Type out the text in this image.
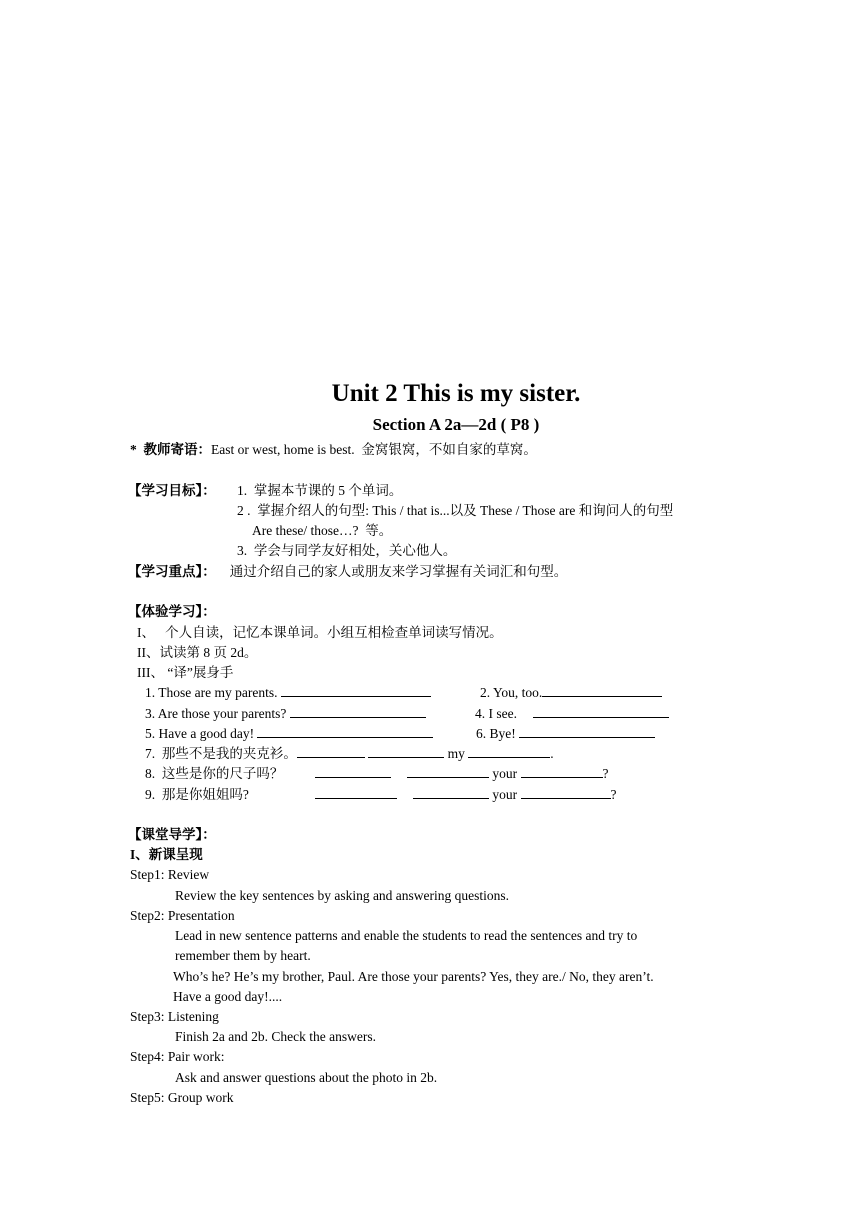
Unit 2 This is my sister.
Section A 2a—2d ( P8 )
*  教师寄语：East or west, home is best.  金窝银窝，不如自家的草窝。
【学习目标】： 1.  掌握本节课的 5 个单词。
2 .  掌握介绍人的句型: This / that is...以及 These / Those are 和询问人的句型
Are these/ those…?  等。
3.  学会与同学友好相处，关心他人。
【学习重点】： 通过介绍自己的家人或朋友来学习掌握有关词汇和句型。
【体验学习】：
I、   个人自读，记忆本课单词。小组互相检查单词读写情况。
II、试读第 8 页 2d。
III、 “译”展身手
1. Those are my parents.	2. You, too.
3. Are those your parents?	4. I see.
5. Have a good day!	6. Bye!
7.  那些不是我的夹克衫。	my	.
8.  这些是你的尺子吗？	your	?
9.  那是你姐姐吗?	your	?
【课堂导学】：
I、新课呈现
Step1: Review
Review the key sentences by asking and answering questions.
Step2: Presentation
Lead in new sentence patterns and enable the students to read the sentences and try to
remember them by heart.
Who’s he? He’s my brother, Paul. Are those your parents? Yes, they are./ No, they aren’t.
Have a good day!....
Step3: Listening
Finish 2a and 2b. Check the answers.
Step4: Pair work:
Ask and answer questions about the photo in 2b.
Step5: Group work
